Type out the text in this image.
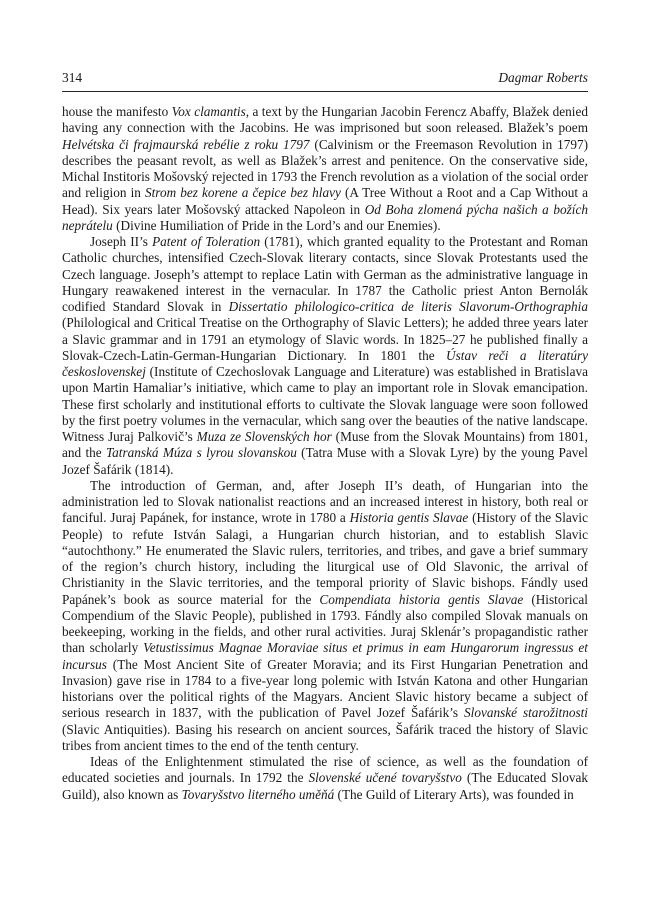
314	Dagmar Roberts

house the manifesto Vox clamantis, a text by the Hungarian Jacobin Ferencz Abaffy, Blažek denied having any connection with the Jacobins. He was imprisoned but soon released. Blažek’s poem Helvétska či frajmaurská rebélie z roku 1797 (Calvinism or the Freemason Revolution in 1797) describes the peasant revolt, as well as Blažek’s arrest and penitence. On the conservative side, Michal Institoris Mošovský rejected in 1793 the French revolution as a violation of the social order and religion in Strom bez korene a čepice bez hlavy (A Tree Without a Root and a Cap Without a Head). Six years later Mošovský attacked Napoleon in Od Boha zlomená pýcha našich a božích neprátelu (Divine Humiliation of Pride in the Lord’s and our Enemies).

Joseph II’s Patent of Toleration (1781), which granted equality to the Protestant and Roman Catholic churches, intensified Czech-Slovak literary contacts, since Slovak Protestants used the Czech language. Joseph’s attempt to replace Latin with German as the administrative language in Hungary reawakened interest in the vernacular. In 1787 the Catholic priest Anton Bernolák codified Standard Slovak in Dissertatio philologico-critica de literis Slavorum-Orthographia (Philological and Critical Treatise on the Orthography of Slavic Letters); he added three years later a Slavic grammar and in 1791 an etymology of Slavic words. In 1825–27 he published finally a Slovak-Czech-Latin-German-Hungarian Dictionary. In 1801 the Ústav reči a literatúry československej (Institute of Czechoslovak Language and Literature) was established in Bratislava upon Martin Hamaliar’s initiative, which came to play an important role in Slovak emancipation. These first scholarly and institutional efforts to cultivate the Slovak language were soon followed by the first poetry volumes in the vernacular, which sang over the beauties of the native landscape. Witness Juraj Palkovič’s Muza ze Slovenských hor (Muse from the Slovak Mountains) from 1801, and the Tatranská Múza s lyrou slovanskou (Tatra Muse with a Slovak Lyre) by the young Pavel Jozef Šafárik (1814).

The introduction of German, and, after Joseph II’s death, of Hungarian into the administration led to Slovak nationalist reactions and an increased interest in history, both real or fanciful. Juraj Papánek, for instance, wrote in 1780 a Historia gentis Slavae (History of the Slavic People) to refute István Salagi, a Hungarian church historian, and to establish Slavic “autochthony.” He enumerated the Slavic rulers, territories, and tribes, and gave a brief summary of the region’s church history, including the liturgical use of Old Slavonic, the arrival of Christianity in the Slavic territories, and the temporal priority of Slavic bishops. Fándly used Papánek’s book as source material for the Compendiata historia gentis Slavae (Historical Compendium of the Slavic People), published in 1793. Fándly also compiled Slovak manuals on beekeeping, working in the fields, and other rural activities. Juraj Sklenár’s propagandistic rather than scholarly Vetustissimus Magnae Moraviae situs et primus in eam Hungarorum ingressus et incursus (The Most Ancient Site of Greater Moravia; and its First Hungarian Penetration and Invasion) gave rise in 1784 to a five-year long polemic with István Katona and other Hungarian historians over the political rights of the Magyars. Ancient Slavic history became a subject of serious research in 1837, with the publication of Pavel Jozef Šafárik’s Slovanské starožitnosti (Slavic Antiquities). Basing his research on ancient sources, Šafárik traced the history of Slavic tribes from ancient times to the end of the tenth century.

Ideas of the Enlightenment stimulated the rise of science, as well as the foundation of educated societies and journals. In 1792 the Slovenské učené tovaryšstvo (The Educated Slovak Guild), also known as Tovaryšstvo literného uměňá (The Guild of Literary Arts), was founded in
